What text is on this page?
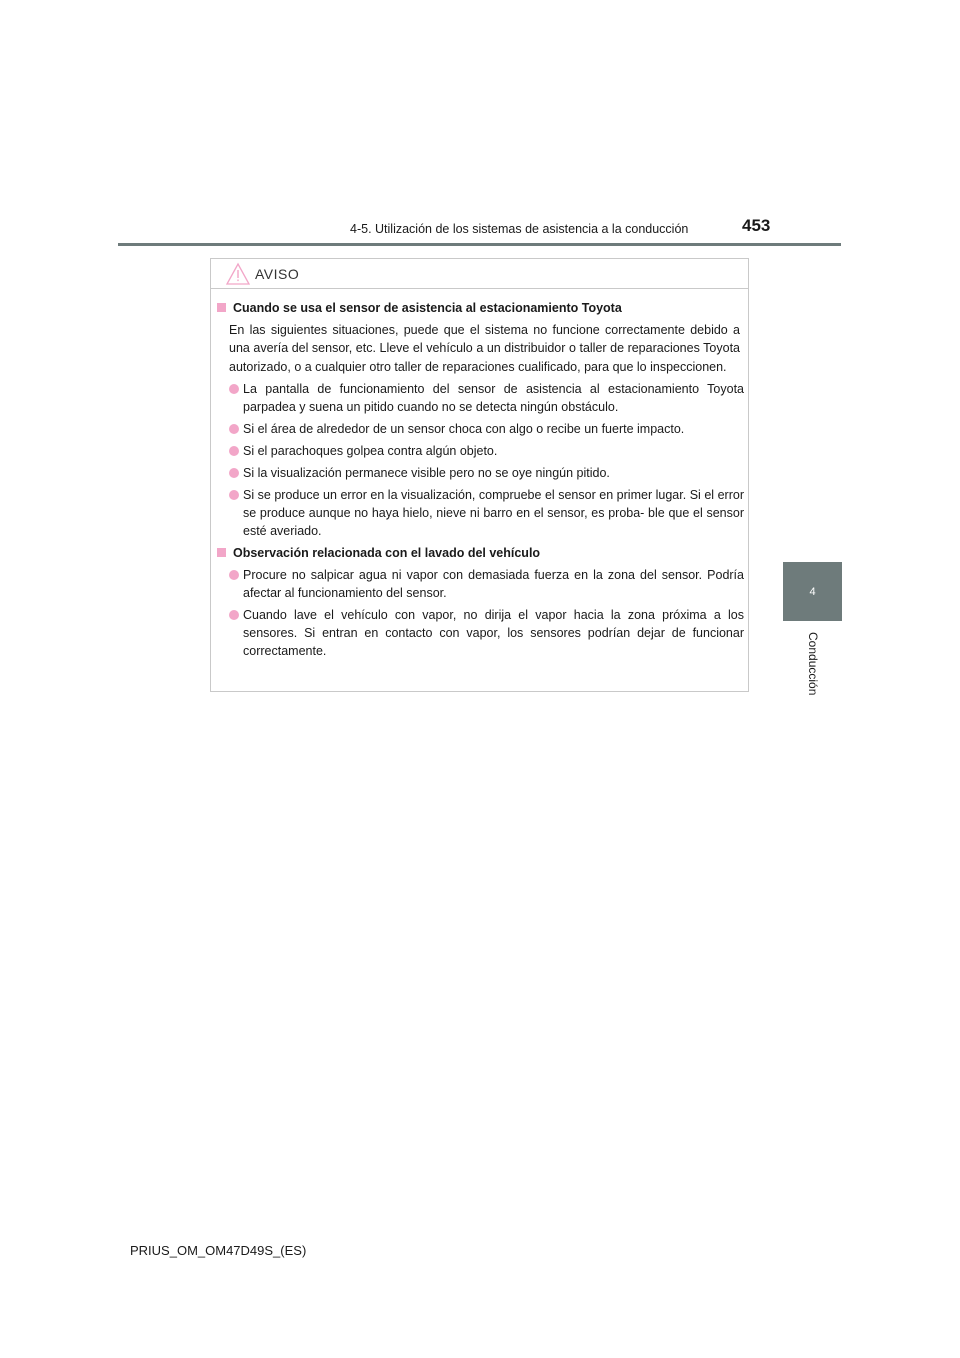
4-5. Utilización de los sistemas de asistencia a la conducción	453
4
Conducción
AVISO
Cuando se usa el sensor de asistencia al estacionamiento Toyota

En las siguientes situaciones, puede que el sistema no funcione correctamente debido a una avería del sensor, etc. Lleve el vehículo a un distribuidor o taller de reparaciones Toyota autorizado, o a cualquier otro taller de reparaciones cualificado, para que lo inspeccionen.

La pantalla de funcionamiento del sensor de asistencia al estacionamiento Toyota parpadea y suena un pitido cuando no se detecta ningún obstáculo.
Si el área de alrededor de un sensor choca con algo o recibe un fuerte impacto.
Si el parachoques golpea contra algún objeto.
Si la visualización permanece visible pero no se oye ningún pitido.
Si se produce un error en la visualización, compruebe el sensor en primer lugar. Si el error se produce aunque no haya hielo, nieve ni barro en el sensor, es proba- ble que el sensor esté averiado.
Observación relacionada con el lavado del vehículo
Procure no salpicar agua ni vapor con demasiada fuerza en la zona del sensor. Podría afectar al funcionamiento del sensor.
Cuando lave el vehículo con vapor, no dirija el vapor hacia la zona próxima a los sensores. Si entran en contacto con vapor, los sensores podrían dejar de funcionar correctamente.
PRIUS_OM_OM47D49S_(ES)
